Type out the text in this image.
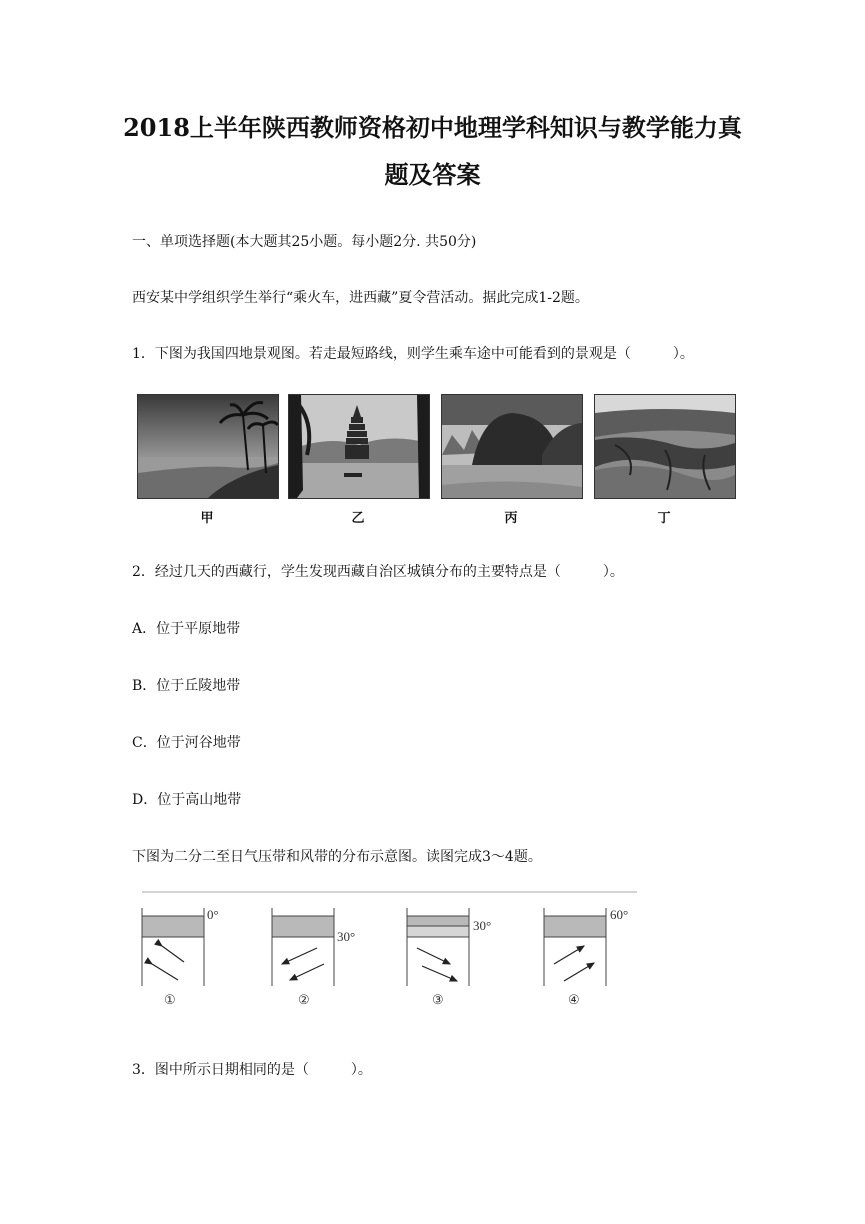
2018上半年陕西教师资格初中地理学科知识与教学能力真
题及答案
一、单项选择题(本大题其25小题。每小题2分. 共50分)
西安某中学组织学生举行“乘火车，进西藏”夏令营活动。据此完成1-2题。
1．下图为我国四地景观图。若走最短路线，则学生乘车途中可能看到的景观是（　　　）。
甲	乙	丙	丁
2．经过几天的西藏行，学生发现西藏自治区城镇分布的主要特点是（　　　）。
A．位于平原地带
B．位于丘陵地带
C．位于河谷地带
D．位于高山地带
下图为二分二至日气压带和风带的分布示意图。读图完成3～4题。
0°
①
30°
②
30°
③
60°
④
3．图中所示日期相同的是（　　　）。
